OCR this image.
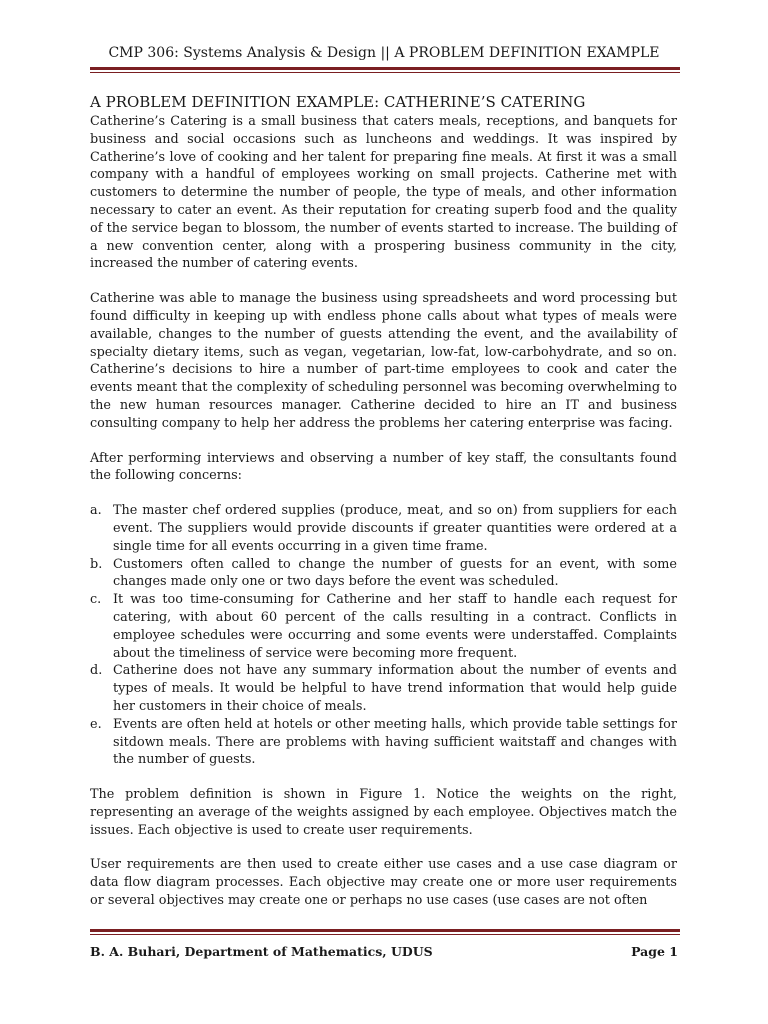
CMP 306: Systems Analysis & Design || A PROBLEM DEFINITION EXAMPLE
A PROBLEM DEFINITION EXAMPLE: CATHERINE’S CATERING

Catherine’s Catering is a small business that caters meals, receptions, and banquets for business and social occasions such as luncheons and weddings. It was inspired by Catherine’s love of cooking and her talent for preparing fine meals. At first it was a small company with a handful of employees working on small projects. Catherine met with customers to determine the number of people, the type of meals, and other information necessary to cater an event. As their reputation for creating superb food and the quality of the service began to blossom, the number of events started to increase. The building of a new convention center, along with a prospering business community in the city, increased the number of catering events.

Catherine was able to manage the business using spreadsheets and word processing but found difficulty in keeping up with endless phone calls about what types of meals were available, changes to the number of guests attending the event, and the availability of specialty dietary items, such as vegan, vegetarian, low-fat, low-carbohydrate, and so on. Catherine’s decisions to hire a number of part-time employees to cook and cater the events meant that the complexity of scheduling personnel was becoming overwhelming to the new human resources manager. Catherine decided to hire an IT and business consulting company to help her address the problems her catering enterprise was facing.

After performing interviews and observing a number of key staff, the consultants found the following concerns:

a. The master chef ordered supplies (produce, meat, and so on) from suppliers for each event. The suppliers would provide discounts if greater quantities were ordered at a single time for all events occurring in a given time frame.
b. Customers often called to change the number of guests for an event, with some changes made only one or two days before the event was scheduled.
c. It was too time-consuming for Catherine and her staff to handle each request for catering, with about 60 percent of the calls resulting in a contract. Conflicts in employee schedules were occurring and some events were understaffed. Complaints about the timeliness of service were becoming more frequent.
d. Catherine does not have any summary information about the number of events and types of meals. It would be helpful to have trend information that would help guide her customers in their choice of meals.
e. Events are often held at hotels or other meeting halls, which provide table settings for sitdown meals. There are problems with having sufficient waitstaff and changes with the number of guests.

The problem definition is shown in Figure 1. Notice the weights on the right, representing an average of the weights assigned by each employee. Objectives match the issues. Each objective is used to create user requirements.

User requirements are then used to create either use cases and a use case diagram or data flow diagram processes. Each objective may create one or more user requirements or several objectives may create one or perhaps no use cases (use cases are not often

B. A. Buhari, Department of Mathematics, UDUS	Page 1
